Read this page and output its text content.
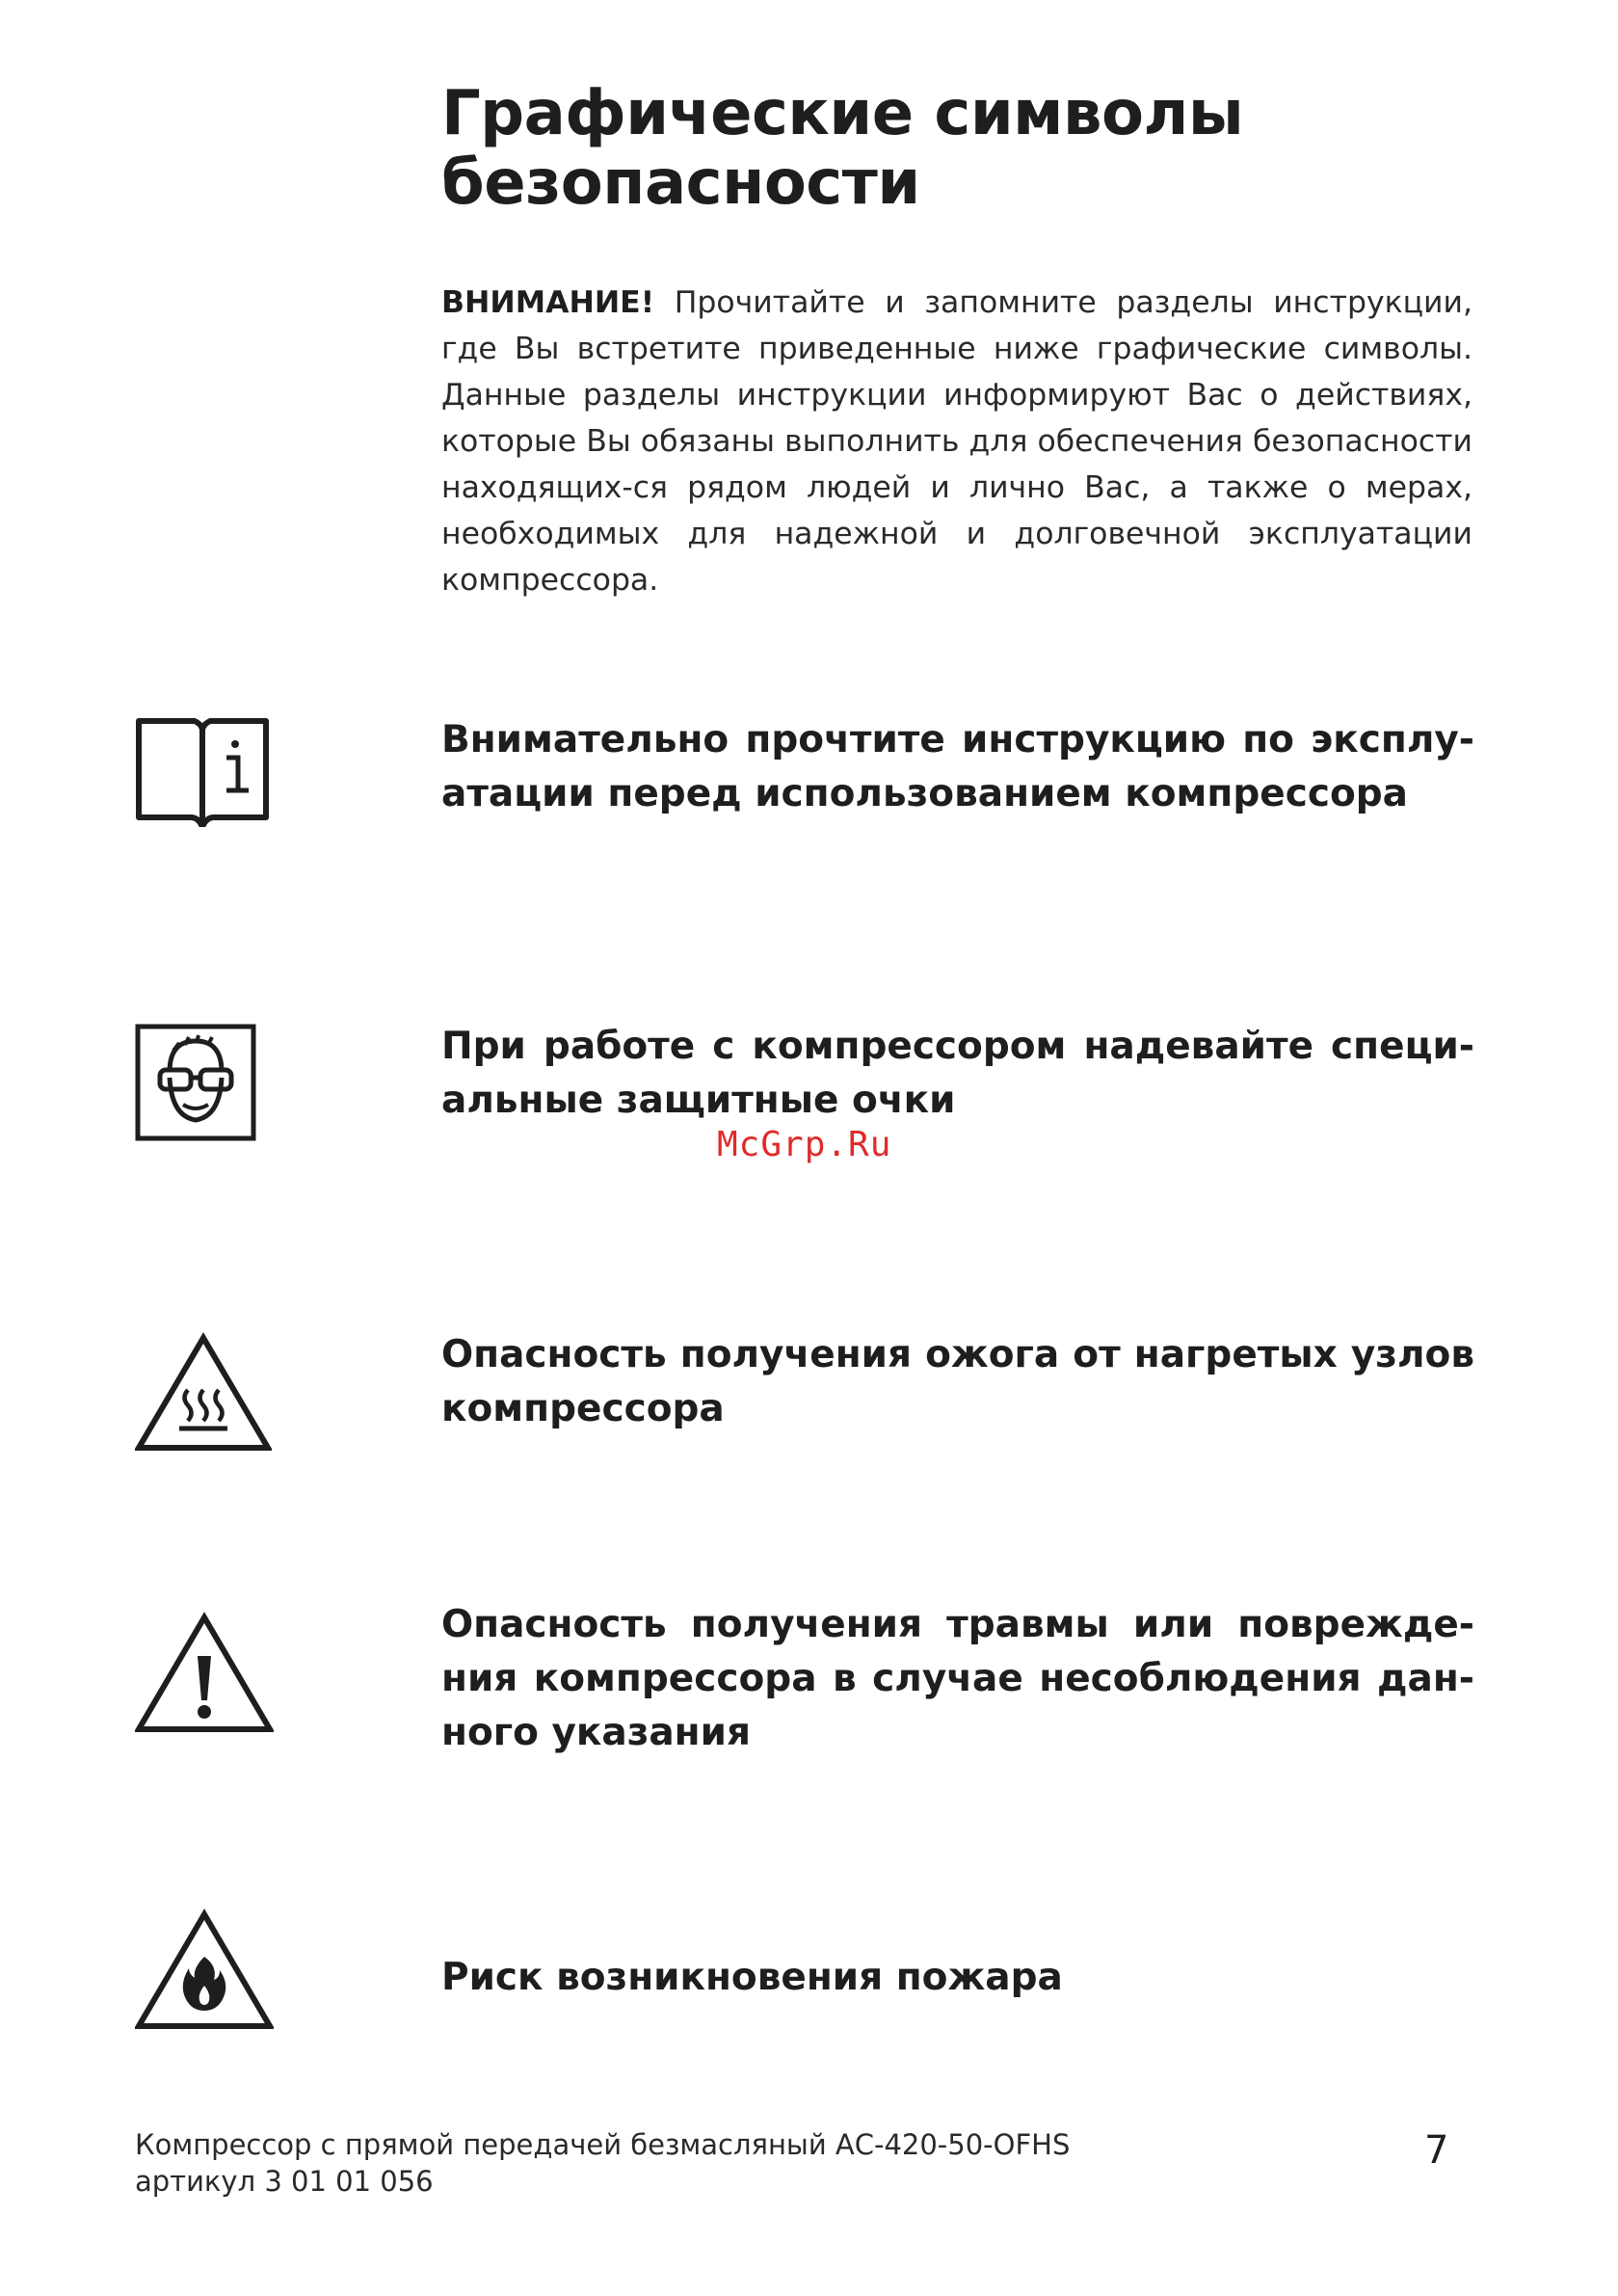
Графические символы
безопасности

ВНИМАНИЕ! Прочитайте и запомните разделы инструкции, где Вы встретите приведенные ниже графические символы. Данные разделы инструкции информируют Вас о действиях, которые Вы обязаны выполнить для обеспечения безопасности находящих-ся рядом людей и лично Вас, а также о мерах, необходимых для надежной и долговечной эксплуатации компрессора.

Внимательно прочтите инструкцию по эксплу-атации перед использованием компрессора

При работе с компрессором надевайте специ-альные защитные очки

McGrp.Ru

Опасность получения ожога от нагретых узлов компрессора

Опасность получения травмы или поврежде-ния компрессора в случае несоблюдения дан-ного указания

Риск возникновения пожара

Компрессор с прямой передачей безмасляный АС-420-50-OFHS
артикул 3 01 01 056
7
